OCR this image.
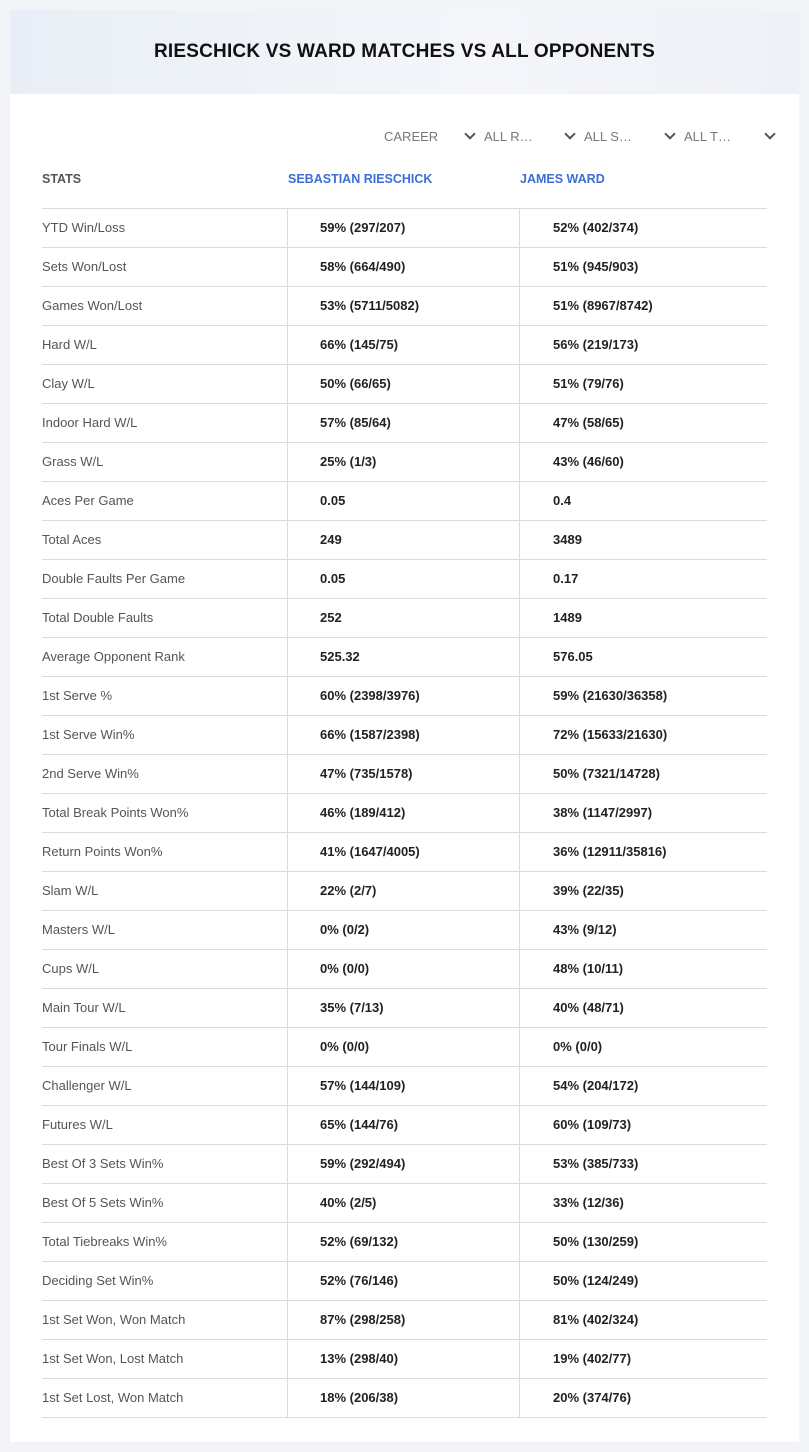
RIESCHICK VS WARD MATCHES VS ALL OPPONENTS
CAREER	ALL R…	ALL S…	ALL T…
STATS	SEBASTIAN RIESCHICK	JAMES WARD
YTD Win/Loss	59% (297/207)	52% (402/374)
Sets Won/Lost	58% (664/490)	51% (945/903)
Games Won/Lost	53% (5711/5082)	51% (8967/8742)
Hard W/L	66% (145/75)	56% (219/173)
Clay W/L	50% (66/65)	51% (79/76)
Indoor Hard W/L	57% (85/64)	47% (58/65)
Grass W/L	25% (1/3)	43% (46/60)
Aces Per Game	0.05	0.4
Total Aces	249	3489
Double Faults Per Game	0.05	0.17
Total Double Faults	252	1489
Average Opponent Rank	525.32	576.05
1st Serve %	60% (2398/3976)	59% (21630/36358)
1st Serve Win%	66% (1587/2398)	72% (15633/21630)
2nd Serve Win%	47% (735/1578)	50% (7321/14728)
Total Break Points Won%	46% (189/412)	38% (1147/2997)
Return Points Won%	41% (1647/4005)	36% (12911/35816)
Slam W/L	22% (2/7)	39% (22/35)
Masters W/L	0% (0/2)	43% (9/12)
Cups W/L	0% (0/0)	48% (10/11)
Main Tour W/L	35% (7/13)	40% (48/71)
Tour Finals W/L	0% (0/0)	0% (0/0)
Challenger W/L	57% (144/109)	54% (204/172)
Futures W/L	65% (144/76)	60% (109/73)
Best Of 3 Sets Win%	59% (292/494)	53% (385/733)
Best Of 5 Sets Win%	40% (2/5)	33% (12/36)
Total Tiebreaks Win%	52% (69/132)	50% (130/259)
Deciding Set Win%	52% (76/146)	50% (124/249)
1st Set Won, Won Match	87% (298/258)	81% (402/324)
1st Set Won, Lost Match	13% (298/40)	19% (402/77)
1st Set Lost, Won Match	18% (206/38)	20% (374/76)
